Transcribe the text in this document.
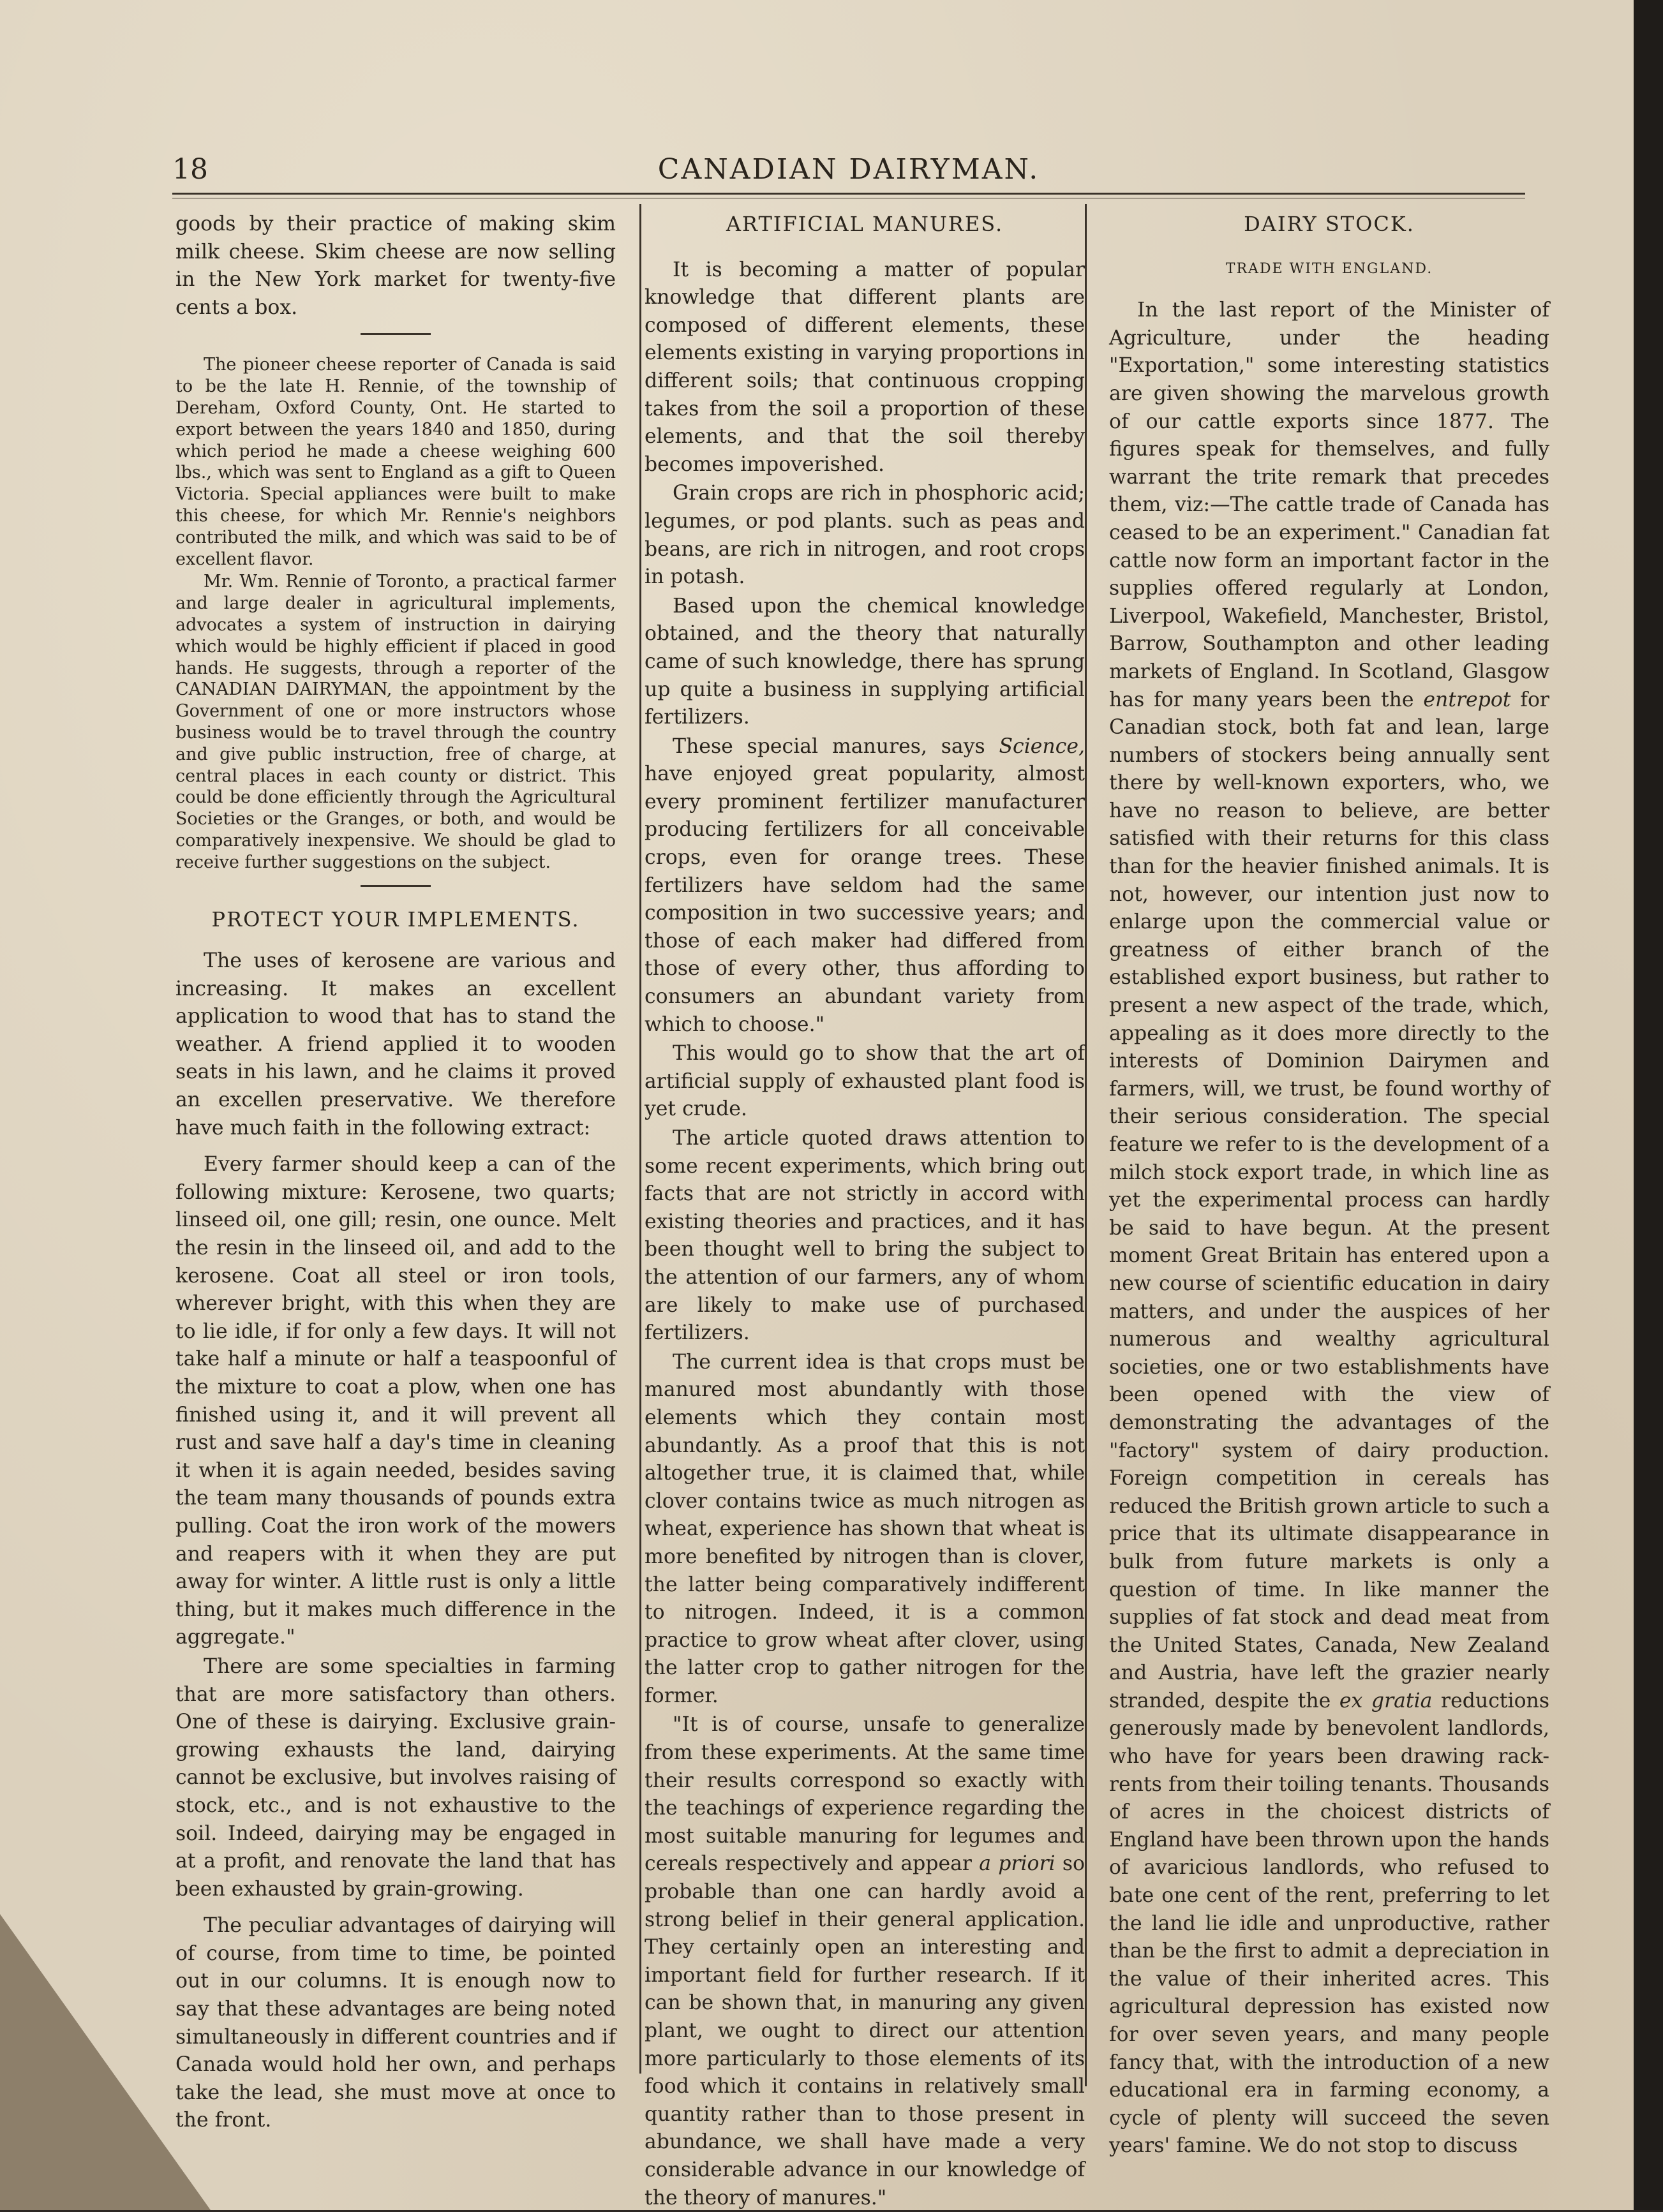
18	CANADIAN DAIRYMAN.

goods by their practice of making skim milk cheese. Skim cheese are now selling in the New York market for twenty-five cents a box.

The pioneer cheese reporter of Canada is said to be the late H. Rennie, of the township of Dereham, Oxford County, Ont. He started to export between the years 1840 and 1850, during which period he made a cheese weighing 600 lbs., which was sent to England as a gift to Queen Victoria. Special appliances were built to make this cheese, for which Mr. Rennie's neighbors contributed the milk, and which was said to be of excellent flavor.

Mr. Wm. Rennie of Toronto, a practical farmer and large dealer in agricultural implements, advocates a system of instruction in dairying which would be highly efficient if placed in good hands. He suggests, through a reporter of the CANADIAN DAIRYMAN, the appointment by the Government of one or more instructors whose business would be to travel through the country and give public instruction, free of charge, at central places in each county or district. This could be done efficiently through the Agricultural Societies or the Granges, or both, and would be comparatively inexpensive. We should be glad to receive further suggestions on the subject.

PROTECT YOUR IMPLEMENTS.

The uses of kerosene are various and increasing. It makes an excellent application to wood that has to stand the weather. A friend applied it to wooden seats in his lawn, and he claims it proved an excellen preservative. We therefore have much faith in the following extract:

Every farmer should keep a can of the following mixture: Kerosene, two quarts; linseed oil, one gill; resin, one ounce. Melt the resin in the linseed oil, and add to the kerosene. Coat all steel or iron tools, wherever bright, with this when they are to lie idle, if for only a few days. It will not take half a minute or half a teaspoonful of the mixture to coat a plow, when one has finished using it, and it will prevent all rust and save half a day's time in cleaning it when it is again needed, besides saving the team many thousands of pounds extra pulling. Coat the iron work of the mowers and reapers with it when they are put away for winter. A little rust is only a little thing, but it makes much difference in the aggregate."

There are some specialties in farming that are more satisfactory than others. One of these is dairying. Exclusive grain-growing exhausts the land, dairying cannot be exclusive, but involves raising of stock, etc., and is not exhaustive to the soil. Indeed, dairying may be engaged in at a profit, and renovate the land that has been exhausted by grain-growing.

The peculiar advantages of dairying will of course, from time to time, be pointed out in our columns. It is enough now to say that these advantages are being noted simultaneously in different countries and if Canada would hold her own, and perhaps take the lead, she must move at once to the front.

ARTIFICIAL MANURES.

It is becoming a matter of popular knowledge that different plants are composed of different elements, these elements existing in varying proportions in different soils; that continuous cropping takes from the soil a proportion of these elements, and that the soil thereby becomes impoverished.

Grain crops are rich in phosphoric acid; legumes, or pod plants. such as peas and beans, are rich in nitrogen, and root crops in potash.

Based upon the chemical knowledge obtained, and the theory that naturally came of such knowledge, there has sprung up quite a business in supplying artificial fertilizers.

These special manures, says Science, have enjoyed great popularity, almost every prominent fertilizer manufacturer producing fertilizers for all conceivable crops, even for orange trees. These fertilizers have seldom had the same composition in two successive years; and those of each maker had differed from those of every other, thus affording to consumers an abundant variety from which to choose."

This would go to show that the art of artificial supply of exhausted plant food is yet crude.

The article quoted draws attention to some recent experiments, which bring out facts that are not strictly in accord with existing theories and practices, and it has been thought well to bring the subject to the attention of our farmers, any of whom are likely to make use of purchased fertilizers.

The current idea is that crops must be manured most abundantly with those elements which they contain most abundantly. As a proof that this is not altogether true, it is claimed that, while clover contains twice as much nitrogen as wheat, experience has shown that wheat is more benefited by nitrogen than is clover, the latter being comparatively indifferent to nitrogen. Indeed, it is a common practice to grow wheat after clover, using the latter crop to gather nitrogen for the former.

"It is of course, unsafe to generalize from these experiments. At the same time their results correspond so exactly with the teachings of experience regarding the most suitable manuring for legumes and cereals respectively and appear a priori so probable than one can hardly avoid a strong belief in their general application. They certainly open an interesting and important field for further research. If it can be shown that, in manuring any given plant, we ought to direct our attention more particularly to those elements of its food which it contains in relatively small quantity rather than to those present in abundance, we shall have made a very considerable advance in our knowledge of the theory of manures."

DAIRY STOCK.
TRADE WITH ENGLAND.

In the last report of the Minister of Agriculture, under the heading "Exportation," some interesting statistics are given showing the marvelous growth of our cattle exports since 1877. The figures speak for themselves, and fully warrant the trite remark that precedes them, viz:—The cattle trade of Canada has ceased to be an experiment." Canadian fat cattle now form an important factor in the supplies offered regularly at London, Liverpool, Wakefield, Manchester, Bristol, Barrow, Southampton and other leading markets of England. In Scotland, Glasgow has for many years been the entrepot for Canadian stock, both fat and lean, large numbers of stockers being annually sent there by well-known exporters, who, we have no reason to believe, are better satisfied with their returns for this class than for the heavier finished animals. It is not, however, our intention just now to enlarge upon the commercial value or greatness of either branch of the established export business, but rather to present a new aspect of the trade, which, appealing as it does more directly to the interests of Dominion Dairymen and farmers, will, we trust, be found worthy of their serious consideration. The special feature we refer to is the development of a milch stock export trade, in which line as yet the experimental process can hardly be said to have begun. At the present moment Great Britain has entered upon a new course of scientific education in dairy matters, and under the auspices of her numerous and wealthy agricultural societies, one or two establishments have been opened with the view of demonstrating the advantages of the "factory" system of dairy production. Foreign competition in cereals has reduced the British grown article to such a price that its ultimate disappearance in bulk from future markets is only a question of time. In like manner the supplies of fat stock and dead meat from the United States, Canada, New Zealand and Austria, have left the grazier nearly stranded, despite the ex gratia reductions generously made by benevolent landlords, who have for years been drawing rack-rents from their toiling tenants. Thousands of acres in the choicest districts of England have been thrown upon the hands of avaricious landlords, who refused to bate one cent of the rent, preferring to let the land lie idle and unproductive, rather than be the first to admit a depreciation in the value of their inherited acres. This agricultural depression has existed now for over seven years, and many people fancy that, with the introduction of a new educational era in farming economy, a cycle of plenty will succeed the seven years' famine. We do not stop to discuss
